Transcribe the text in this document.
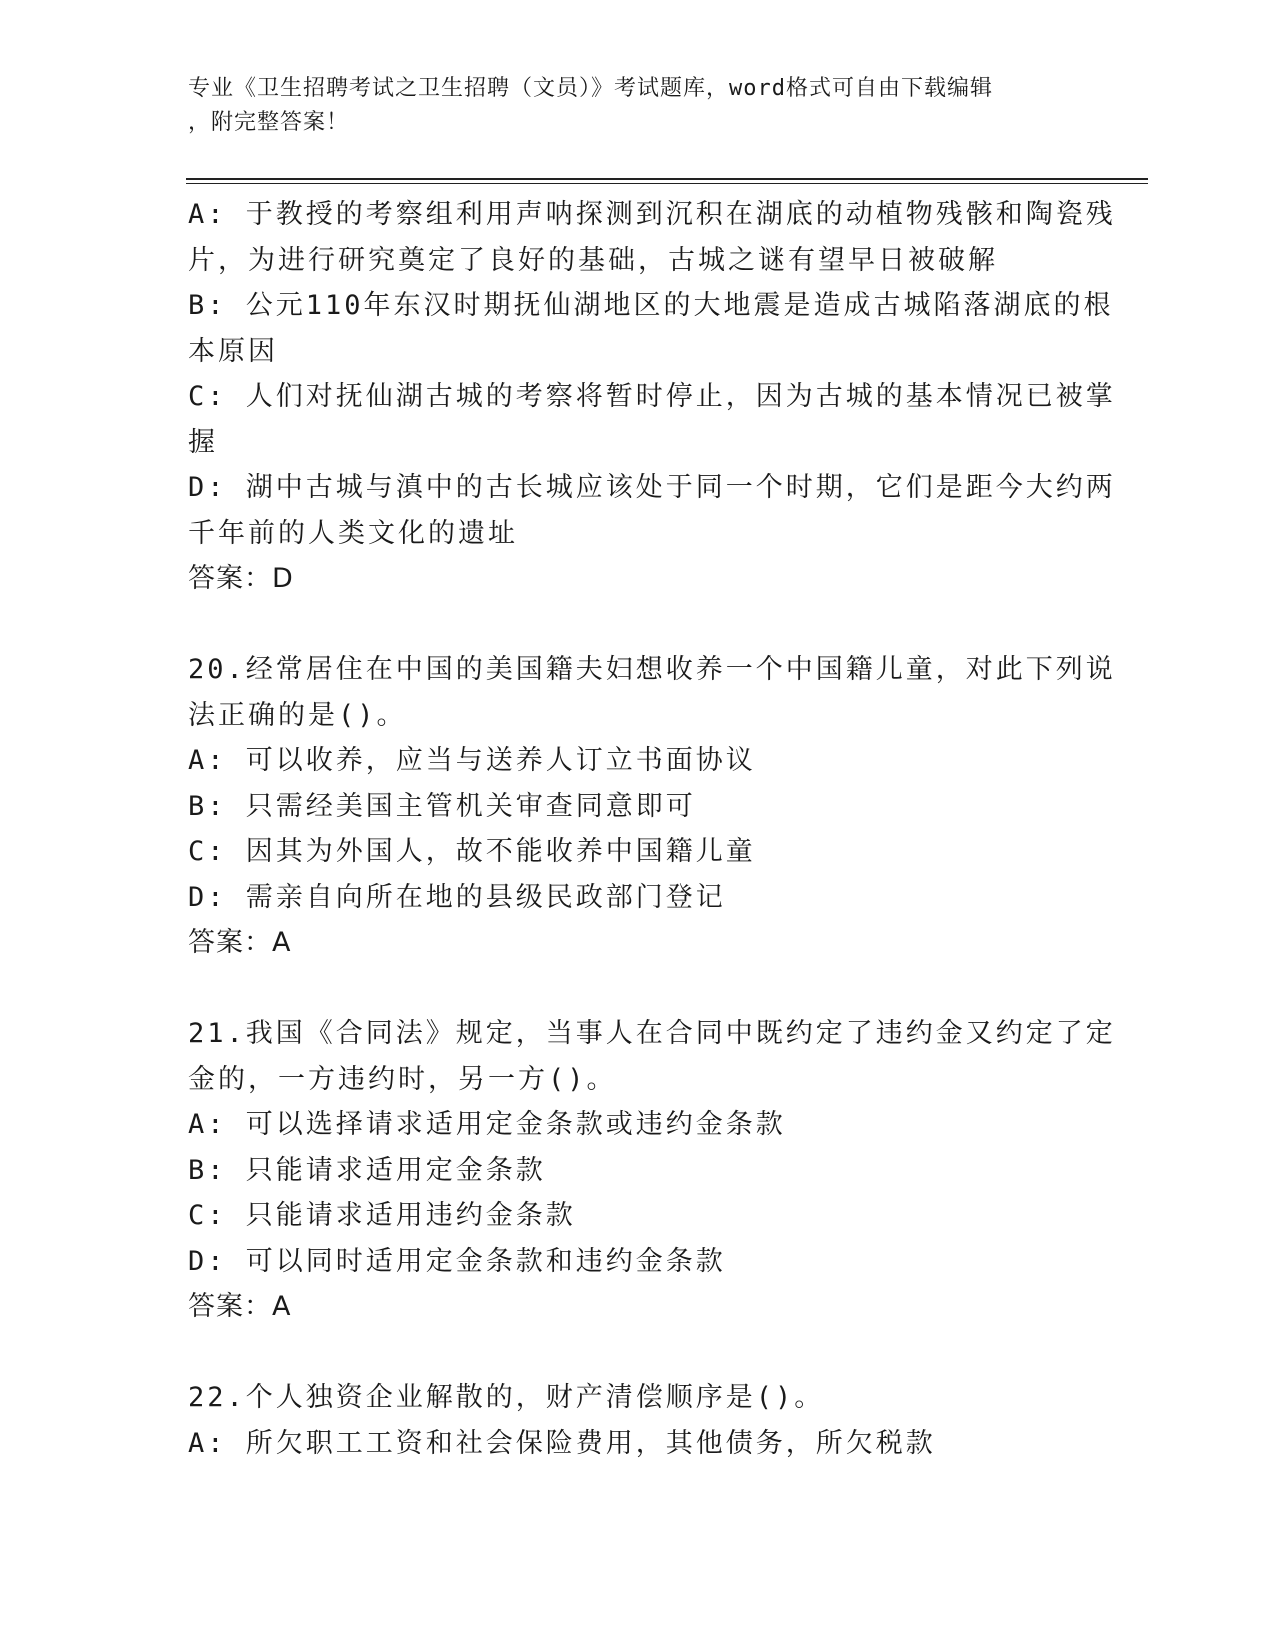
专业《卫生招聘考试之卫生招聘（文员）》考试题库，word格式可自由下载编辑
，附完整答案！
A: 于教授的考察组利用声呐探测到沉积在湖底的动植物残骸和陶瓷残
片，为进行研究奠定了良好的基础，古城之谜有望早日被破解
B: 公元110年东汉时期抚仙湖地区的大地震是造成古城陷落湖底的根
本原因
C: 人们对抚仙湖古城的考察将暂时停止，因为古城的基本情况已被掌
握
D: 湖中古城与滇中的古长城应该处于同一个时期，它们是距今大约两
千年前的人类文化的遗址
答案：D
20.经常居住在中国的美国籍夫妇想收养一个中国籍儿童，对此下列说
法正确的是()。
A: 可以收养，应当与送养人订立书面协议
B: 只需经美国主管机关审查同意即可
C: 因其为外国人，故不能收养中国籍儿童
D: 需亲自向所在地的县级民政部门登记
答案：A
21.我国《合同法》规定，当事人在合同中既约定了违约金又约定了定
金的，一方违约时，另一方()。
A: 可以选择请求适用定金条款或违约金条款
B: 只能请求适用定金条款
C: 只能请求适用违约金条款
D: 可以同时适用定金条款和违约金条款
答案：A
22.个人独资企业解散的，财产清偿顺序是()。
A: 所欠职工工资和社会保险费用，其他债务，所欠税款
